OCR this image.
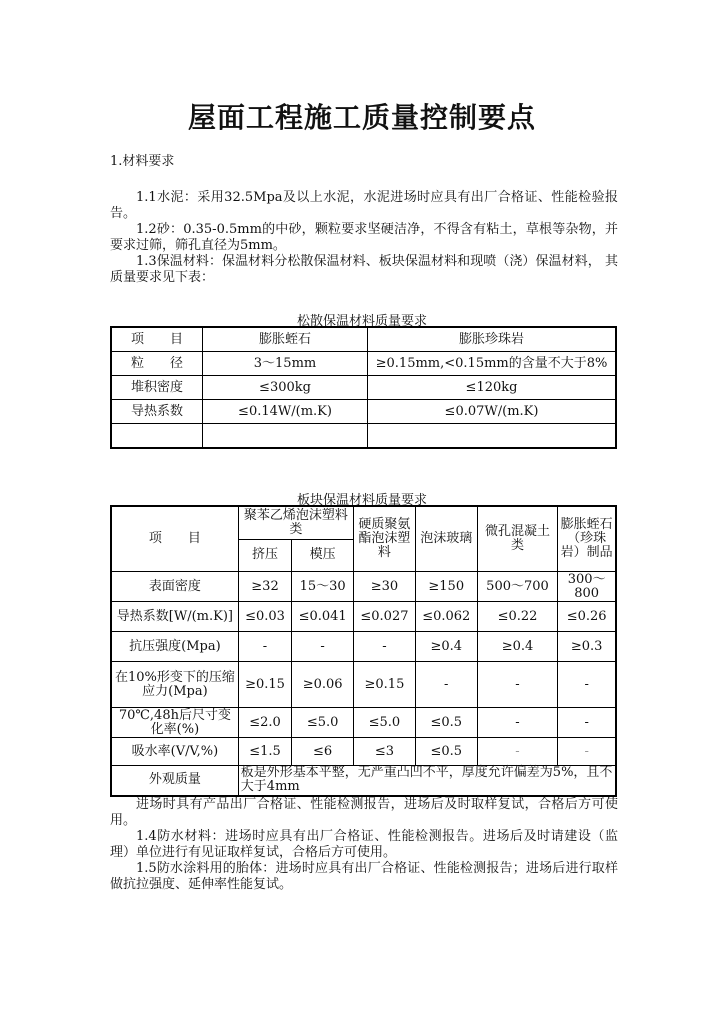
屋面工程施工质量控制要点
1.材料要求
1.1水泥：采用32.5Mpa及以上水泥，水泥进场时应具有出厂合格证、性能检验报告。
1.2砂：0.35-0.5mm的中砂，颗粒要求坚硬洁净，不得含有粘土，草根等杂物，并要求过筛，筛孔直径为5mm。
1.3保温材料：保温材料分松散保温材料、板块保温材料和现喷（浇）保温材料， 其质量要求见下表：
松散保温材料质量要求
项　　目	膨胀蛭石	膨胀珍珠岩
粒　　径	3～15mm	≥0.15mm,<0.15mm的含量不大于8%
堆积密度	≤300kg	≤120kg
导热系数	≤0.14W/(m.K)	≤0.07W/(m.K)

板块保温材料质量要求
项　　目	聚苯乙烯泡沫塑料类		硬质聚氨酯泡沫塑料	泡沫玻璃	微孔混凝土类	膨胀蛭石（珍珠岩）制品
	挤压	模压				
表面密度	≥32	15～30	≥30	≥150	500～700	300～800
导热系数[W/(m.K)]	≤0.03	≤0.041	≤0.027	≤0.062	≤0.22	≤0.26
抗压强度(Mpa)	-	-	-	≥0.4	≥0.4	≥0.3
在10%形变下的压缩应力(Mpa)	≥0.15	≥0.06	≥0.15	-	-	-
70℃,48h后尺寸变化率(%)	≤2.0	≤5.0	≤5.0	≤0.5	-	-
吸水率(V/V,%)	≤1.5	≤6	≤3	≤0.5	-	-
外观质量	板是外形基本平整，无严重凸凹不平，厚度允许偏差为5%，且不大于4mm					
进场时具有产品出厂合格证、性能检测报告，进场后及时取样复试，合格后方可使用。
1.4防水材料：进场时应具有出厂合格证、性能检测报告。进场后及时请建设（监理）单位进行有见证取样复试，合格后方可使用。
1.5防水涂料用的胎体：进场时应具有出厂合格证、性能检测报告；进场后进行取样做抗拉强度、延伸率性能复试。
